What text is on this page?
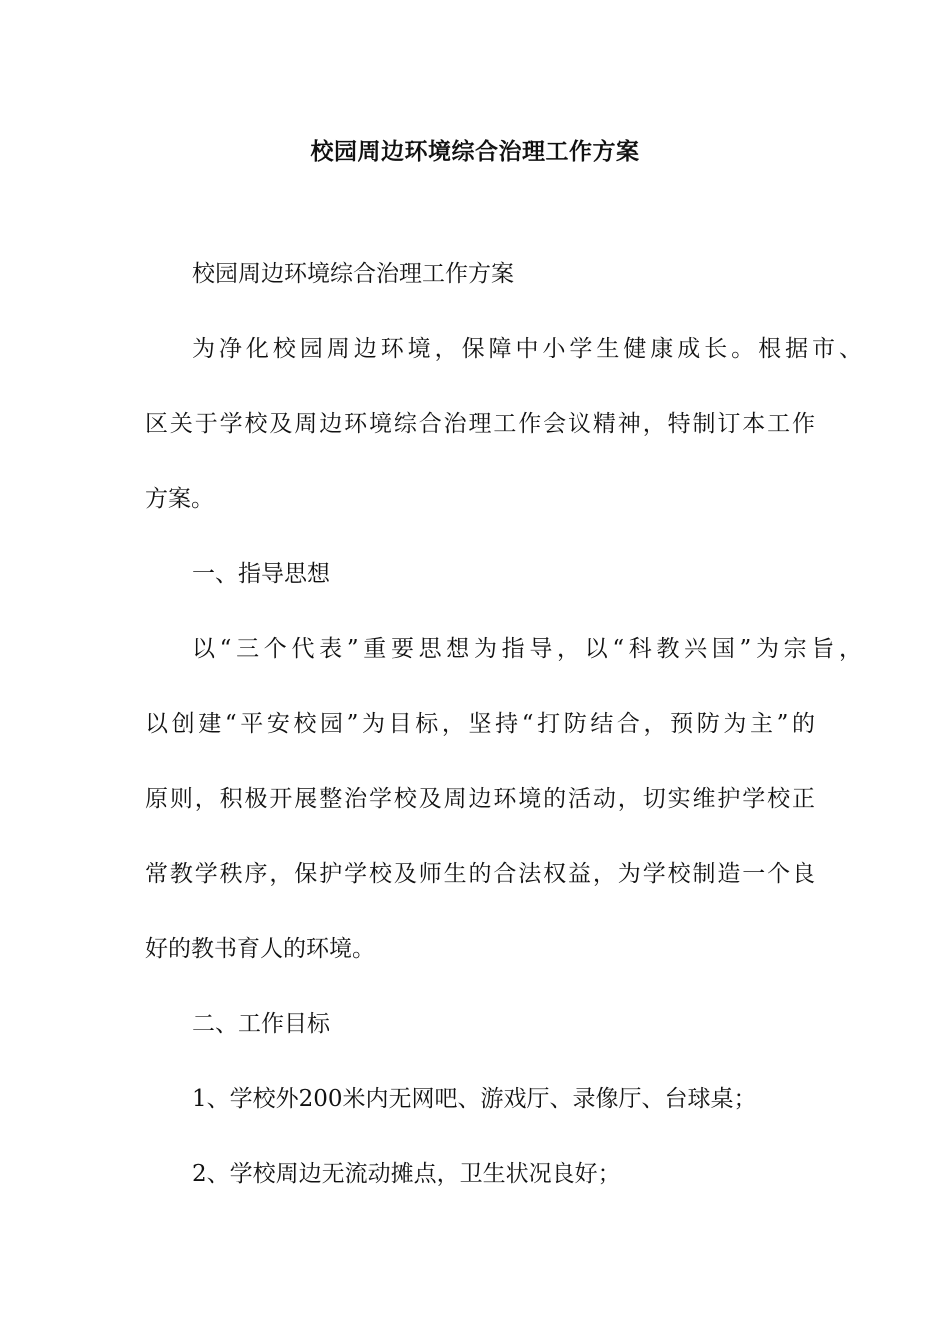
校园周边环境综合治理工作方案
校园周边环境综合治理工作方案
为净化校园周边环境，保障中小学生健康成长。根据市、
区关于学校及周边环境综合治理工作会议精神，特制订本工作
方案。
一、指导思想
以“三个代表”重要思想为指导，以“科教兴国”为宗旨，
以创建“平安校园”为目标，坚持“打防结合，预防为主”的
原则，积极开展整治学校及周边环境的活动，切实维护学校正
常教学秩序，保护学校及师生的合法权益，为学校制造一个良
好的教书育人的环境。
二、工作目标
1、学校外200米内无网吧、游戏厅、录像厅、台球桌；
2、学校周边无流动摊点，卫生状况良好；
